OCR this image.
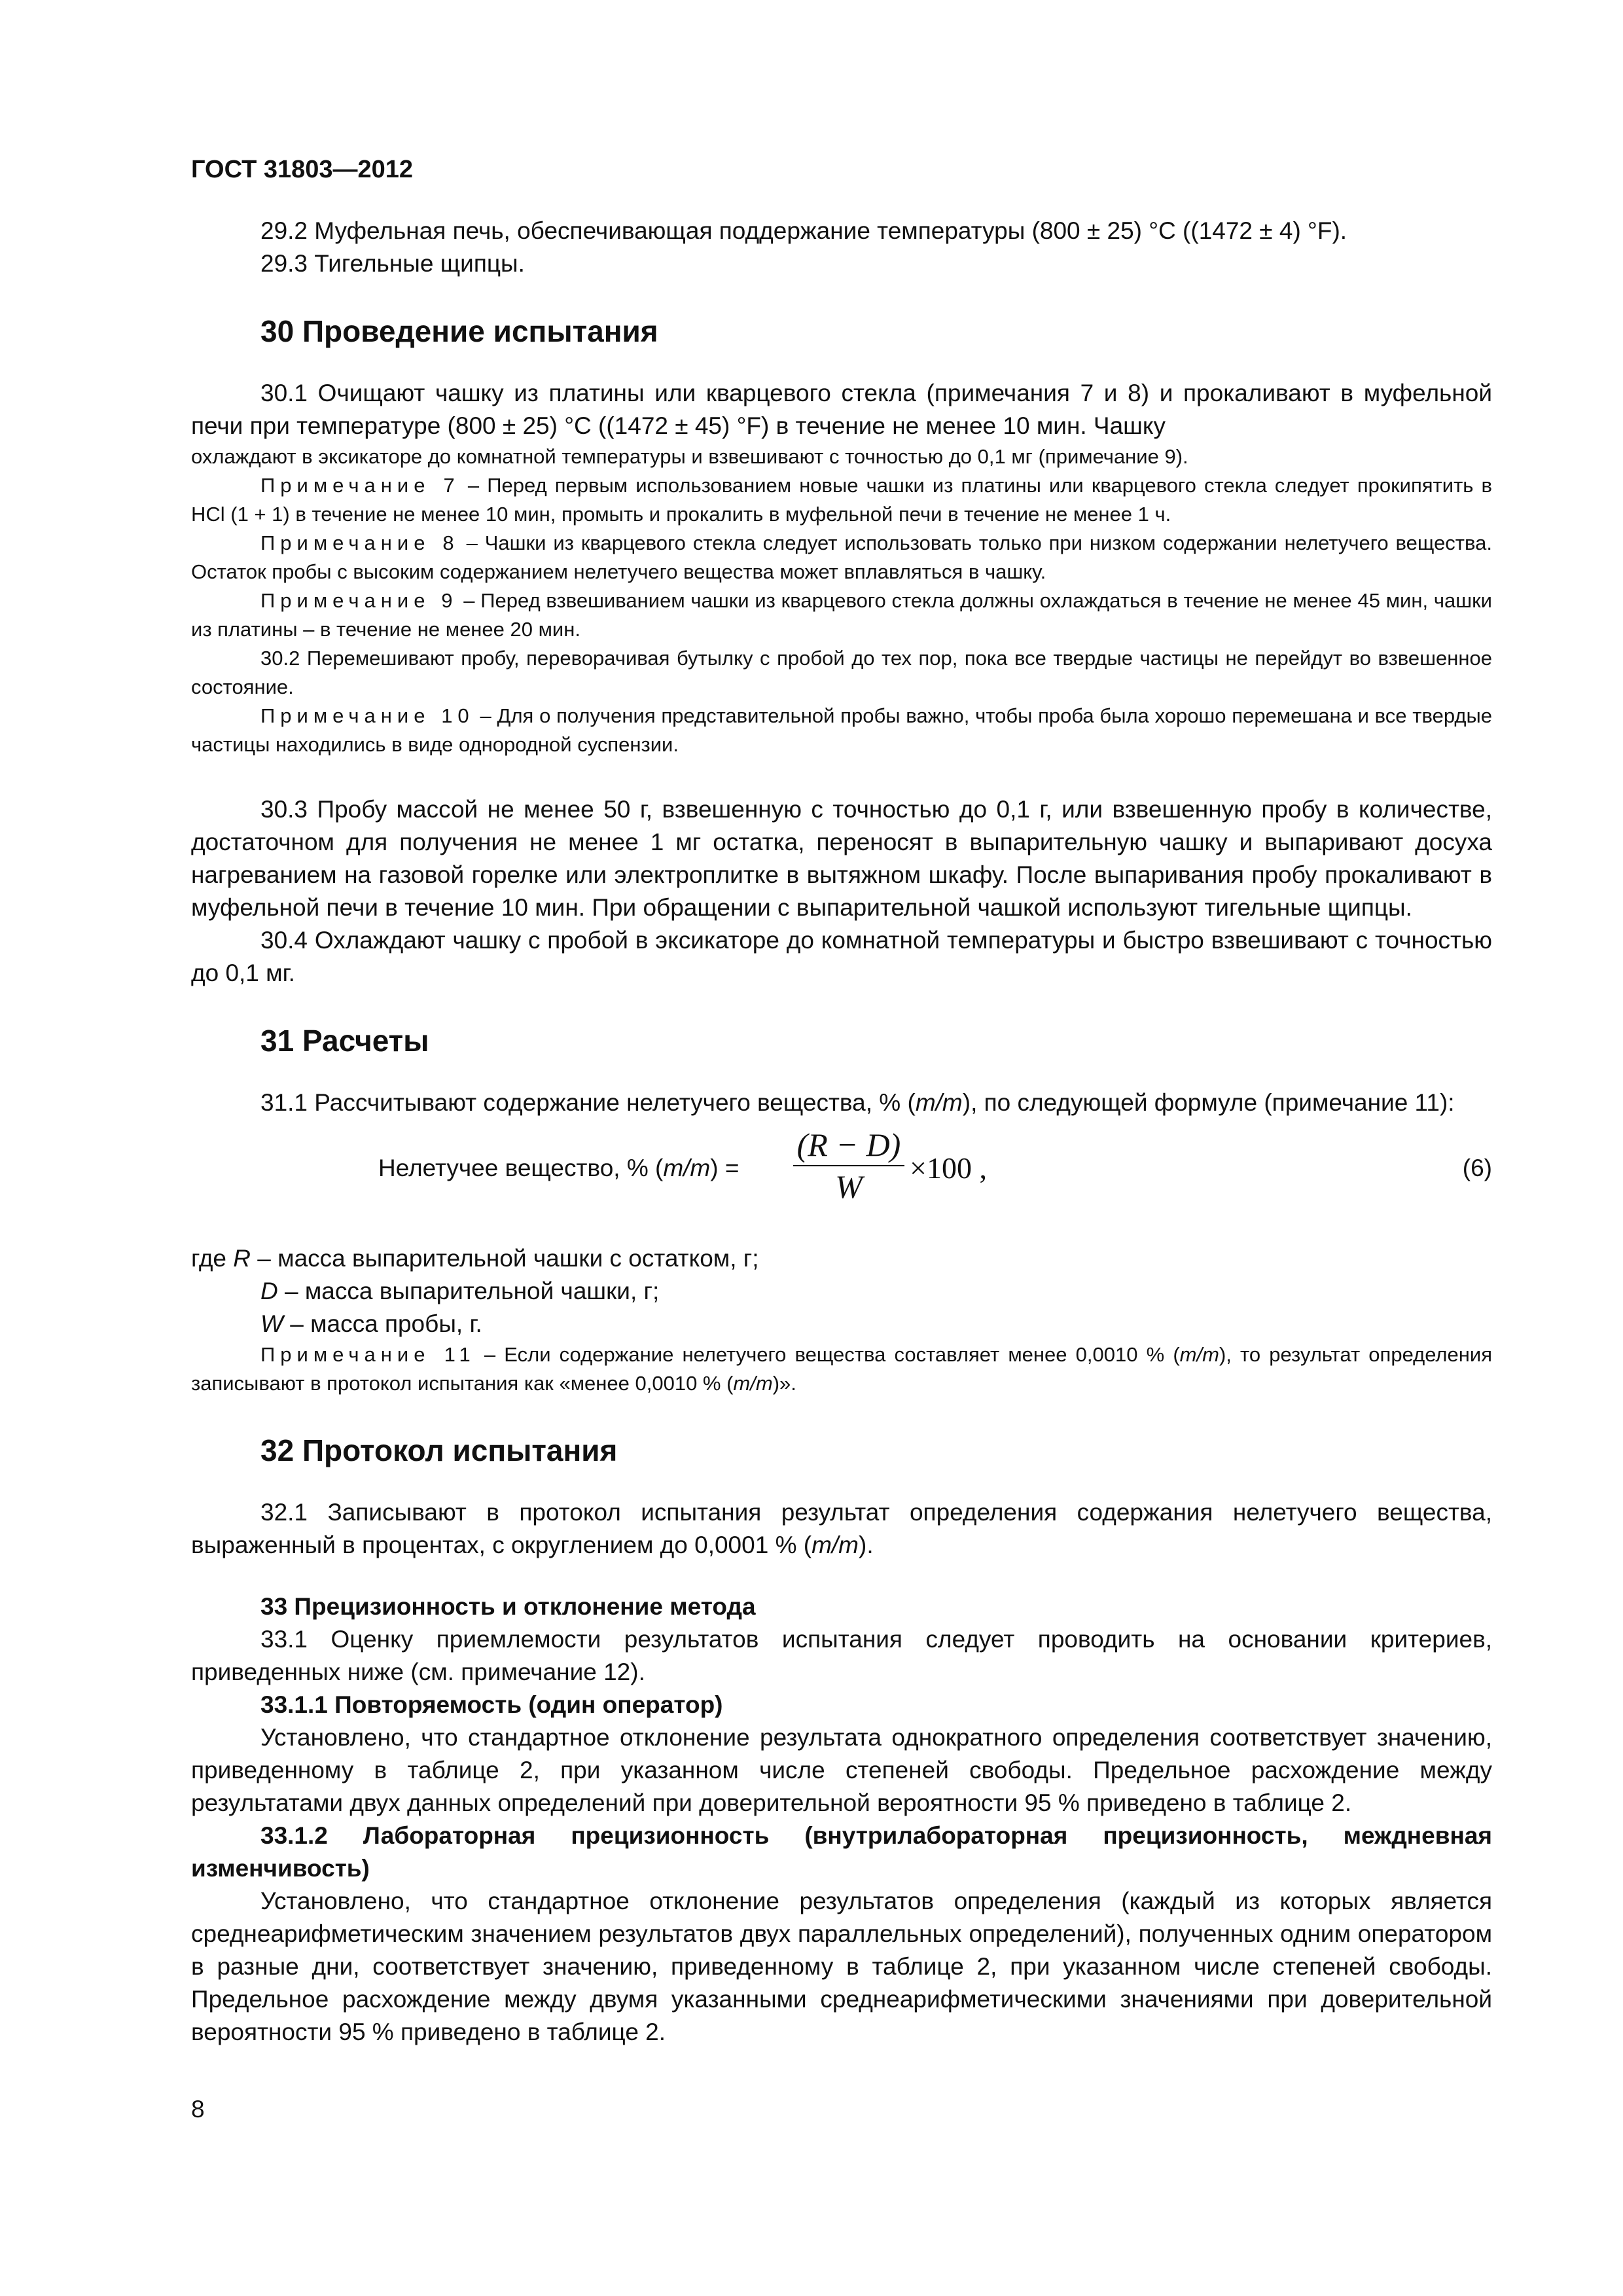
ГОСТ 31803—2012

29.2 Муфельная печь, обеспечивающая поддержание температуры (800 ± 25) °С ((1472 ± 4) °F).

29.3 Тигельные щипцы.

30 Проведение испытания

30.1 Очищают чашку из платины или кварцевого стекла (примечания 7 и 8) и прокаливают в муфельной печи при температуре (800 ± 25) °С ((1472 ± 45) °F) в течение не менее 10 мин. Чашку

охлаждают в эксикаторе до комнатной температуры и взвешивают с точностью до 0,1 мг (примечание 9).

Примечание 7 – Перед первым использованием новые чашки из платины или кварцевого стекла следует прокипятить в HCl (1 + 1) в течение не менее 10 мин, промыть и прокалить в муфельной печи в течение не менее 1 ч.

Примечание 8 – Чашки из кварцевого стекла следует использовать только при низком содержании нелетучего вещества. Остаток пробы с высоким содержанием нелетучего вещества может вплавляться в чашку.

Примечание 9 – Перед взвешиванием чашки из кварцевого стекла должны охлаждаться в течение не менее 45 мин, чашки из платины – в течение не менее 20 мин.

30.2 Перемешивают пробу, переворачивая бутылку с пробой до тех пор, пока все твердые частицы не перейдут во взвешенное состояние.

Примечание 10 – Для о получения представительной пробы важно, чтобы проба была хорошо перемешана и все твердые частицы находились в виде однородной суспензии.

30.3 Пробу массой не менее 50 г, взвешенную с точностью до 0,1 г, или взвешенную пробу в количестве, достаточном для получения не менее 1 мг остатка, переносят в выпарительную чашку и выпаривают досуха нагреванием на газовой горелке или электроплитке в вытяжном шкафу. После выпаривания пробу прокаливают в муфельной печи в течение 10 мин. При обращении с выпарительной чашкой используют тигельные щипцы.

30.4 Охлаждают чашку с пробой в эксикаторе до комнатной температуры и быстро взвешивают с точностью до 0,1 мг.

31 Расчеты

31.1 Рассчитывают содержание нелетучего вещества, % (m/m), по следующей формуле (примечание 11):

Нелетучее вещество, % (m/m) =
(R − D)
W
×100 ,	(6)

где R – масса выпарительной чашки с остатком, г;

D – масса выпарительной чашки, г;

W – масса пробы, г.

Примечание 11 – Если содержание нелетучего вещества составляет менее 0,0010 % (m/m), то результат определения записывают в протокол испытания как «менее 0,0010 % (m/m)».

32 Протокол испытания

32.1 Записывают в протокол испытания результат определения содержания нелетучего вещества, выраженный в процентах, с округлением до 0,0001 % (m/m).

33 Прецизионность и отклонение метода

33.1 Оценку приемлемости результатов испытания следует проводить на основании критериев, приведенных ниже (см. примечание 12).

33.1.1 Повторяемость (один оператор)

Установлено, что стандартное отклонение результата однократного определения соответствует значению, приведенному в таблице 2, при указанном числе степеней свободы. Предельное расхождение между результатами двух данных определений при доверительной вероятности 95 % приведено в таблице 2.

33.1.2 Лабораторная прецизионность (внутрилабораторная прецизионность, междневная изменчивость)

Установлено, что стандартное отклонение результатов определения (каждый из которых является среднеарифметическим значением результатов двух параллельных определений), полученных одним оператором в разные дни, соответствует значению, приведенному в таблице 2, при указанном числе степеней свободы. Предельное расхождение между двумя указанными среднеарифметическими значениями при доверительной вероятности 95 % приведено в таблице 2.

8
